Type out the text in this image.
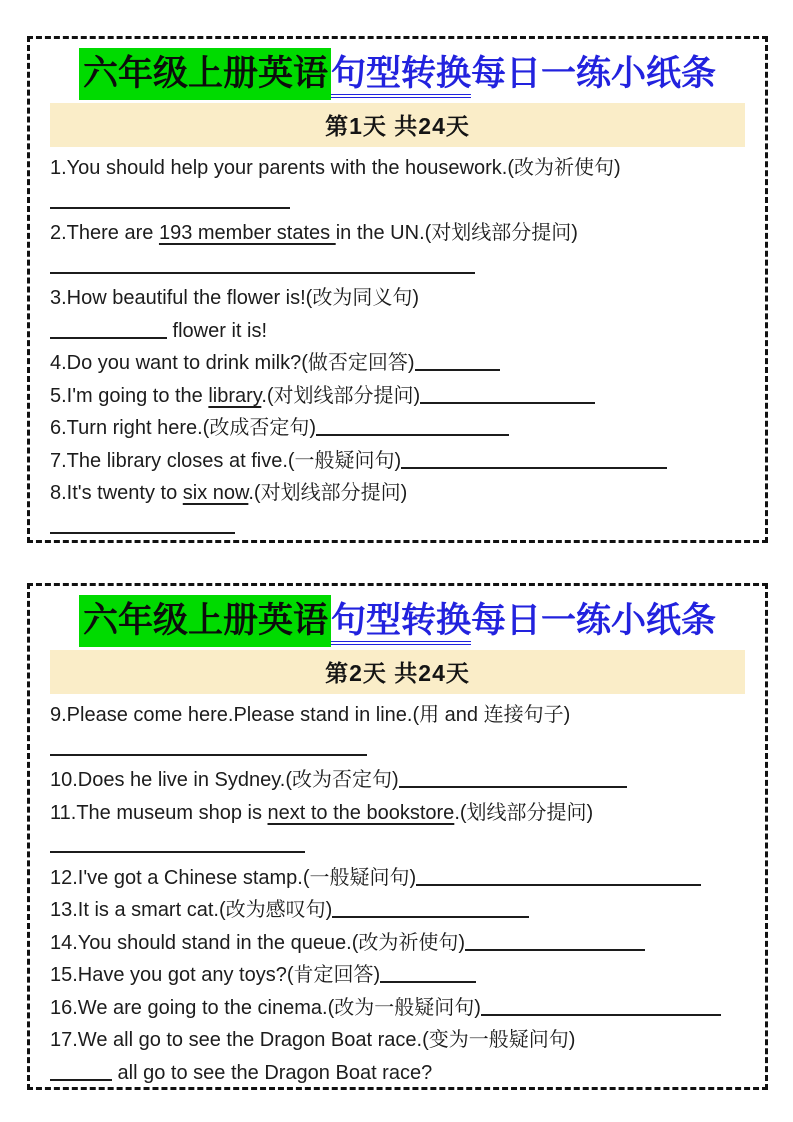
六年级上册英语句型转换每日一练小纸条
第1天 共24天
1.You should help your parents with the housework.(改为祈使句)
2.There are 193 member states in the UN.(对划线部分提问)
3.How beautiful the flower is!(改为同义句)
flower it is!
4.Do you want to drink milk?(做否定回答)
5.I'm going to the library.(对划线部分提问)
6.Turn right here.(改成否定句)
7.The library closes at five.(一般疑问句)
8.It's twenty to six now.(对划线部分提问)
六年级上册英语句型转换每日一练小纸条
第2天 共24天
9.Please come here.Please stand in line.(用 and 连接句子)
10.Does he live in Sydney.(改为否定句)
11.The museum shop is next to the bookstore.(划线部分提问)
12.I've got a Chinese stamp.(一般疑问句)
13.It is a smart cat.(改为感叹句)
14.You should stand in the queue.(改为祈使句)
15.Have you got any toys?(肯定回答)
16.We are going to the cinema.(改为一般疑问句)
17.We all go to see the Dragon Boat race.(变为一般疑问句)
all go to see the Dragon Boat race?
